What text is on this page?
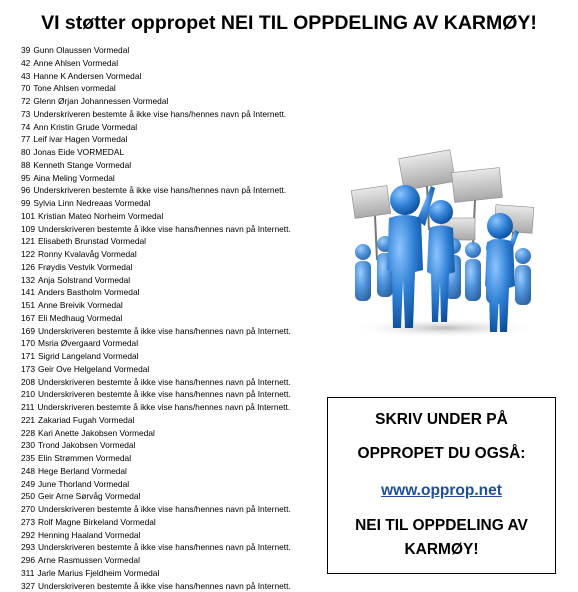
VI støtter oppropet NEI TIL OPPDELING AV KARMØY!
39 Gunn Olaussen Vormedal
42 Anne Ahlsen Vormedal
43 Hanne K Andersen Vormedal
70 Tone Ahlsen vormedal
72 Glenn Ørjan Johannessen Vormedal
73 Underskriveren bestemte å ikke vise hans/hennes navn på Internett.
74 Ann Kristin Grude Vormedal
77 Leif ivar Hagen Vormedal
80 Jonas Eide VORMEDAL
88 Kenneth Stange Vormedal
95 Aina Meling Vormedal
96 Underskriveren bestemte å ikke vise hans/hennes navn på Internett.
99 Sylvia Linn Nedreaas Vormedal
101 Kristian Mateo Norheim Vormedal
109 Underskriveren bestemte å ikke vise hans/hennes navn på Internett.
121 Elisabeth Brunstad Vormedal
122 Ronny Kvalavåg Vormedal
126 Frøydis Vestvik Vormedal
132 Anja Solstrand Vormedal
141 Anders Bastholm Vormedal
151 Anne Breivik Vormedal
167 Eli Medhaug Vormedal
169 Underskriveren bestemte å ikke vise hans/hennes navn på Internett.
170 Msria Øvergaard Vormedal
171 Sigrid Langeland Vormedal
173 Geir Ove Helgeland Vormedal
208 Underskriveren bestemte å ikke vise hans/hennes navn på Internett.
210 Underskriveren bestemte å ikke vise hans/hennes navn på Internett.
211 Underskriveren bestemte å ikke vise hans/hennes navn på Internett.
221 Zakariad Fugah Vormedal
228 Kari Anette Jakobsen Vormedal
230 Trond Jakobsen Vormedal
235 Elin Strømmen Vormedal
248 Hege Berland Vormedal
249 June Thorland Vormedal
250 Geir Arne Sørvåg Vormedal
270 Underskriveren bestemte å ikke vise hans/hennes navn på Internett.
273 Rolf Magne Birkeland Vormedal
292 Henning Haaland Vormedal
293 Underskriveren bestemte å ikke vise hans/hennes navn på Internett.
296 Arne Rasmussen Vormedal
311 Jarle Marius Fjeldheim Vormedal
327 Underskriveren bestemte å ikke vise hans/hennes navn på Internett.
SKRIV UNDER PÅ
OPPROPET DU OGSÅ:
www.opprop.net
NEI TIL OPPDELING AV
KARMØY!
